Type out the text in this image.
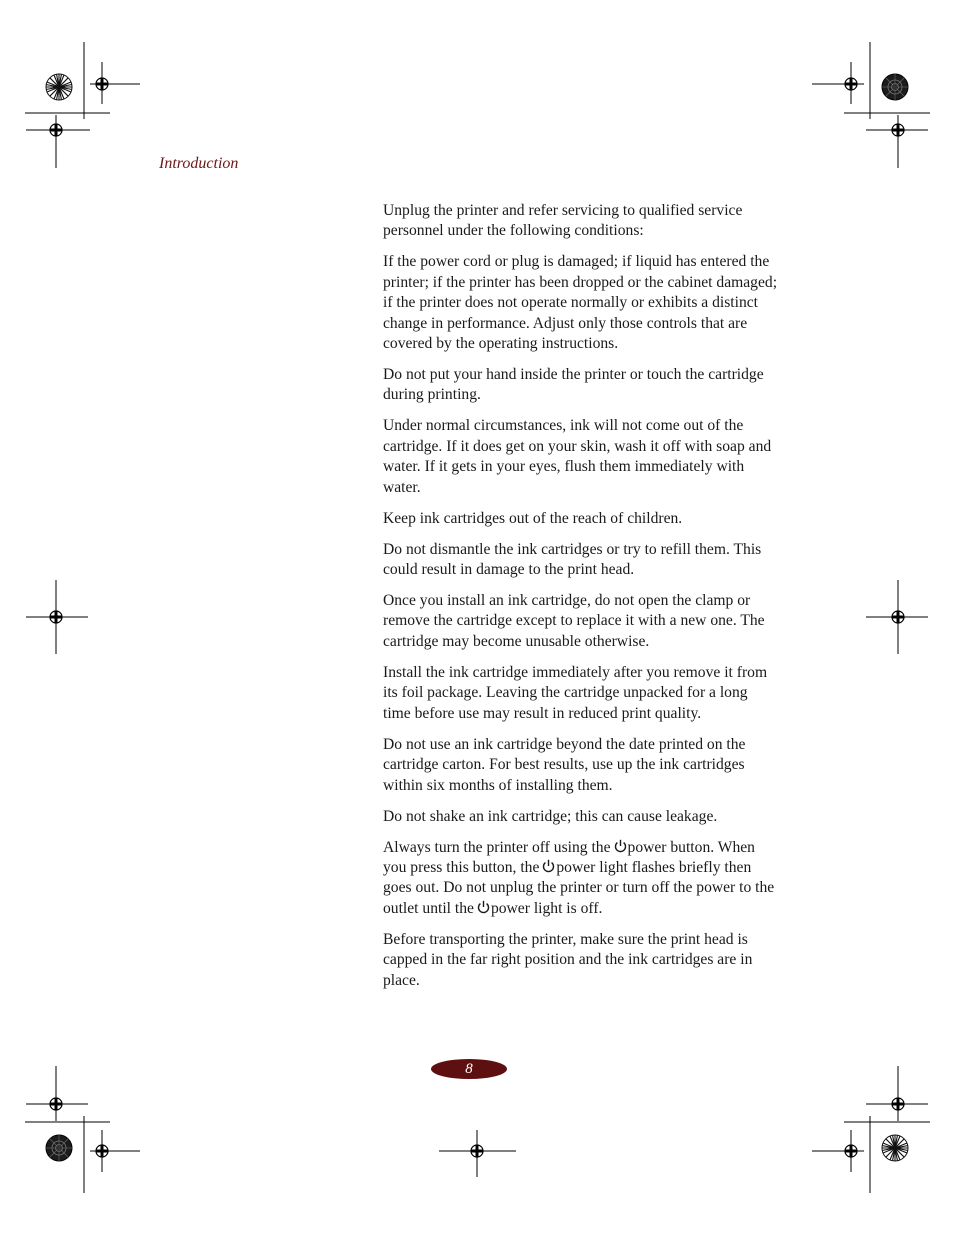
Introduction

Unplug the printer and refer servicing to qualified service personnel under the following conditions:

If the power cord or plug is damaged; if liquid has entered the printer; if the printer has been dropped or the cabinet damaged; if the printer does not operate normally or exhibits a distinct change in performance. Adjust only those controls that are covered by the operating instructions.

Do not put your hand inside the printer or touch the cartridge during printing.

Under normal circumstances, ink will not come out of the cartridge. If it does get on your skin, wash it off with soap and water. If it gets in your eyes, flush them immediately with water.

Keep ink cartridges out of the reach of children.

Do not dismantle the ink cartridges or try to refill them. This could result in damage to the print head.

Once you install an ink cartridge, do not open the clamp or remove the cartridge except to replace it with a new one. The cartridge may become unusable otherwise.

Install the ink cartridge immediately after you remove it from its foil package. Leaving the cartridge unpacked for a long time before use may result in reduced print quality.

Do not use an ink cartridge beyond the date printed on the cartridge carton. For best results, use up the ink cartridges within six months of installing them.

Do not shake an ink cartridge; this can cause leakage.

Always turn the printer off using the power button. When you press this button, the power light flashes briefly then goes out. Do not unplug the printer or turn off the power to the outlet until the power light is off.

Before transporting the printer, make sure the print head is capped in the far right position and the ink cartridges are in place.

8
